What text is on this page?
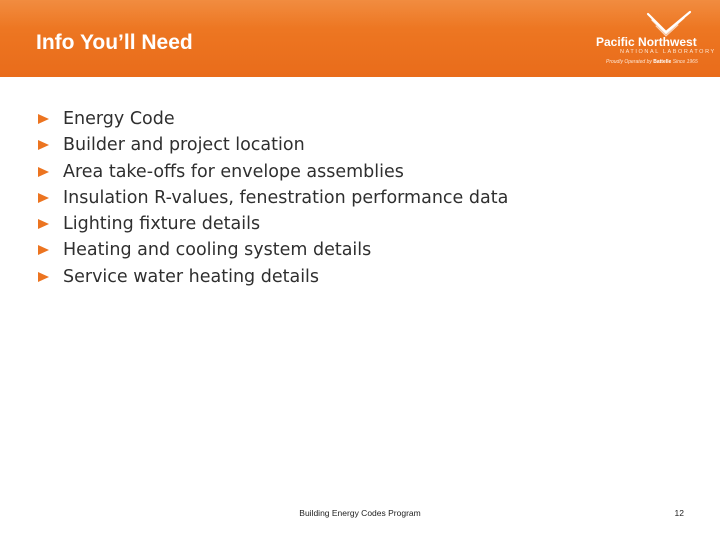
Info You’ll Need	Pacific Northwest
NATIONAL LABORATORY
Proudly Operated by Battelle Since 1965
Energy Code
Builder and project location
Area take-offs for envelope assemblies
Insulation R-values, fenestration performance data
Lighting fixture details
Heating and cooling system details
Service water heating details
Building Energy Codes Program	12
